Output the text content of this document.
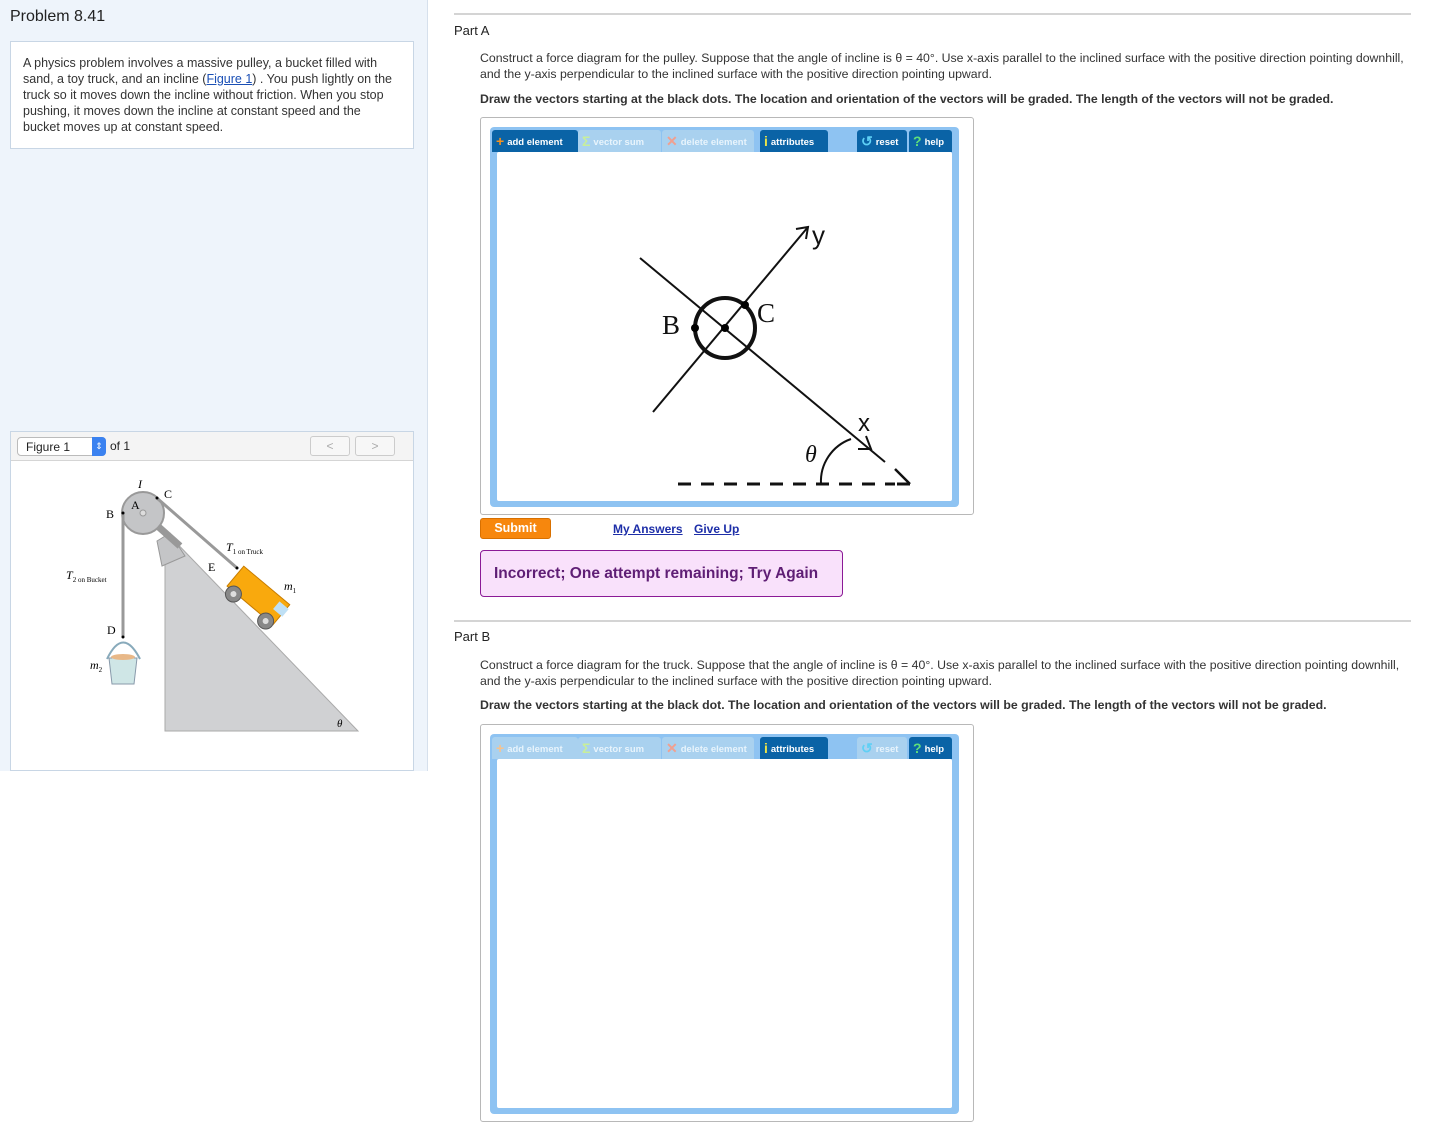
Problem 8.41
A physics problem involves a massive pulley, a bucket filled with sand, a toy truck, and an incline (Figure 1) . You push lightly on the truck so it moves down the incline without friction. When you stop pushing, it moves down the incline at constant speed and the bucket moves up at constant speed.
Figure 1	⇕ of 1	<	>
I
A
B
C
D
E
$T_{1 on Truck}$
$T_{2 on Bucket}$	$m_1$
$m_2$
θ
Part A
Construct a force diagram for the pulley. Suppose that the angle of incline is θ = 40°. Use x-axis parallel to the inclined surface with the positive direction pointing downhill, and the y-axis perpendicular to the inclined surface with the positive direction pointing upward.
Draw the vectors starting at the black dots. The location and orientation of the vectors will be graded. The length of the vectors will not be graded.
+ add element	Σ vector sum	✕ delete element	i attributes	↺ reset	? help
B	C
y
x
θ
Submit	My Answers Give Up
Incorrect; One attempt remaining; Try Again
Part B
Construct a force diagram for the truck. Suppose that the angle of incline is θ = 40°. Use x-axis parallel to the inclined surface with the positive direction pointing downhill, and the y-axis perpendicular to the inclined surface with the positive direction pointing upward.
Draw the vectors starting at the black dot. The location and orientation of the vectors will be graded. The length of the vectors will not be graded.
+ add element	Σ vector sum	✕ delete element	i attributes	↺ reset	? help
